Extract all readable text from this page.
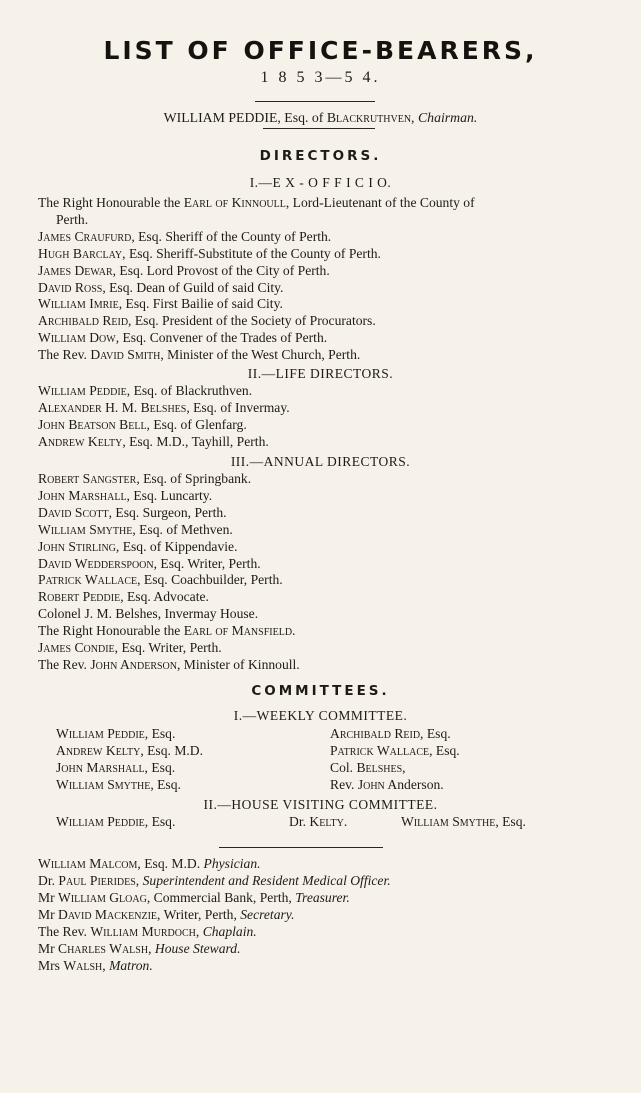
LIST OF OFFICE-BEARERS,
1 8 5 3—5 4.
WILLIAM PEDDIE, Esq. of Blackruthven, Chairman.
DIRECTORS.
I.—E X - O F F I C I O.
The Right Honourable the Earl of Kinnoull, Lord-Lieutenant of the County of
Perth.
James Craufurd, Esq. Sheriff of the County of Perth.
Hugh Barclay, Esq. Sheriff-Substitute of the County of Perth.
James Dewar, Esq. Lord Provost of the City of Perth.
David Ross, Esq. Dean of Guild of said City.
William Imrie, Esq. First Bailie of said City.
Archibald Reid, Esq. President of the Society of Procurators.
William Dow, Esq. Convener of the Trades of Perth.
The Rev. David Smith, Minister of the West Church, Perth.
II.—LIFE DIRECTORS.
William Peddie, Esq. of Blackruthven.
Alexander H. M. Belshes, Esq. of Invermay.
John Beatson Bell, Esq. of Glenfarg.
Andrew Kelty, Esq. M.D., Tayhill, Perth.
III.—ANNUAL DIRECTORS.
Robert Sangster, Esq. of Springbank.
John Marshall, Esq. Luncarty.
David Scott, Esq. Surgeon, Perth.
William Smythe, Esq. of Methven.
John Stirling, Esq. of Kippendavie.
David Wedderspoon, Esq. Writer, Perth.
Patrick Wallace, Esq. Coachbuilder, Perth.
Robert Peddie, Esq. Advocate.
Colonel J. M. Belshes, Invermay House.
The Right Honourable the Earl of Mansfield.
James Condie, Esq. Writer, Perth.
The Rev. John Anderson, Minister of Kinnoull.
COMMITTEES.
I.—WEEKLY COMMITTEE.
William Peddie, Esq.
Andrew Kelty, Esq. M.D.
John Marshall, Esq.
William Smythe, Esq.
Archibald Reid, Esq.
Patrick Wallace, Esq.
Col. Belshes,
Rev. John Anderson.
II.—HOUSE VISITING COMMITTEE.
William Peddie, Esq.	Dr. Kelty.	William Smythe, Esq.
William Malcom, Esq. M.D. Physician.
Dr. Paul Pierides, Superintendent and Resident Medical Officer.
Mr William Gloag, Commercial Bank, Perth, Treasurer.
Mr David Mackenzie, Writer, Perth, Secretary.
The Rev. William Murdoch, Chaplain.
Mr Charles Walsh, House Steward.
Mrs Walsh, Matron.
